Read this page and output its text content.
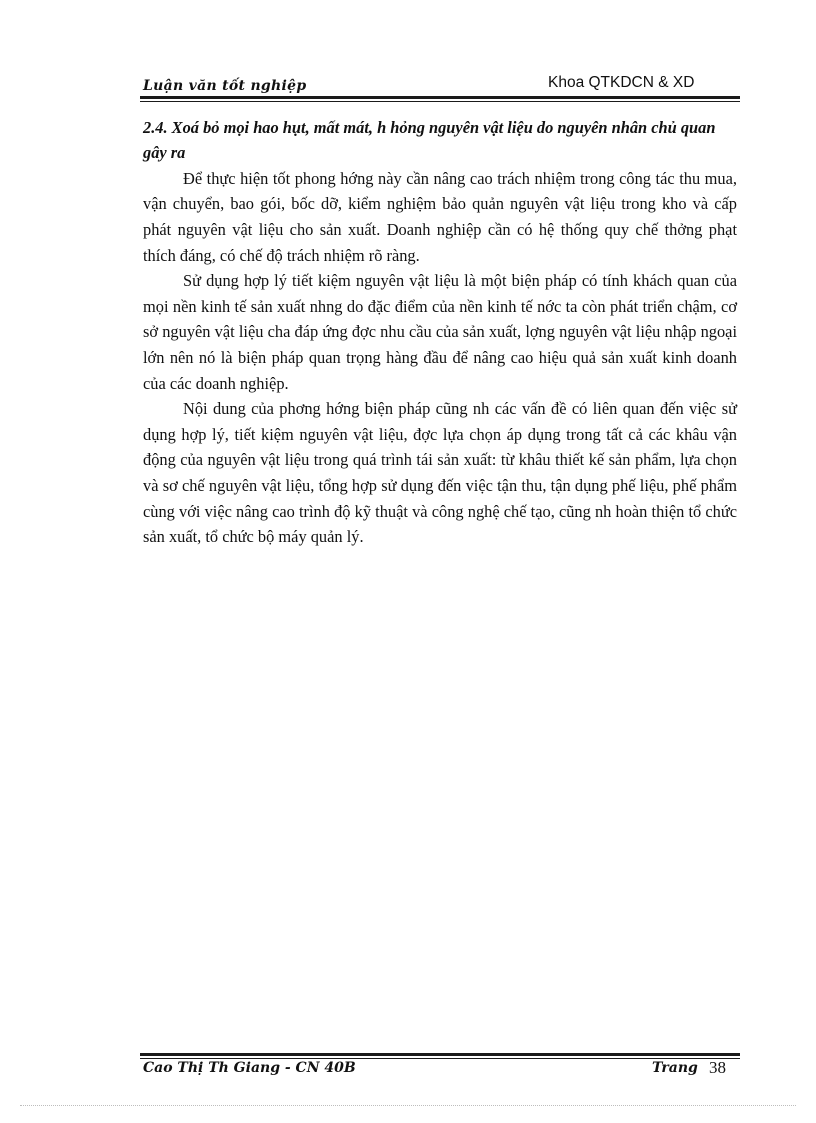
Luận văn tốt nghiệp	Khoa QTKDCN & XD

2.4. Xoá bỏ mọi hao hụt, mất mát, h hỏng nguyên vật liệu do nguyên nhân chủ quan gây ra

Để thực hiện tốt phong hớng này cần nâng cao trách nhiệm trong công tác thu mua, vận chuyển, bao gói, bốc dỡ, kiểm nghiệm bảo quản nguyên vật liệu trong kho và cấp phát nguyên vật liệu cho sản xuất. Doanh nghiệp cần có hệ thống quy chế thởng phạt thích đáng, có chế độ trách nhiệm rõ ràng.

Sử dụng hợp lý tiết kiệm nguyên vật liệu là một biện pháp có tính khách quan của mọi nền kinh tế sản xuất nhng do đặc điểm của nền kinh tế nớc ta còn phát triển chậm, cơ sở nguyên vật liệu cha đáp ứng đợc nhu cầu của sản xuất, lợng nguyên vật liệu nhập ngoại lớn nên nó là biện pháp quan trọng hàng đầu để nâng cao hiệu quả sản xuất kinh doanh của các doanh nghiệp.

Nội dung của phơng hớng biện pháp cũng nh các vấn đề có liên quan đến việc sử dụng hợp lý, tiết kiệm nguyên vật liệu, đợc lựa chọn áp dụng trong tất cả các khâu vận động của nguyên vật liệu trong quá trình tái sản xuất: từ khâu thiết kế sản phẩm, lựa chọn và sơ chế nguyên vật liệu, tổng hợp sử dụng đến việc tận thu, tận dụng phế liệu, phế phẩm cùng với việc nâng cao trình độ kỹ thuật và công nghệ chế tạo, cũng nh hoàn thiện tổ chức sản xuất, tổ chức bộ máy quản lý.

Cao Thị Th Giang - CN 40B	Trang 38
